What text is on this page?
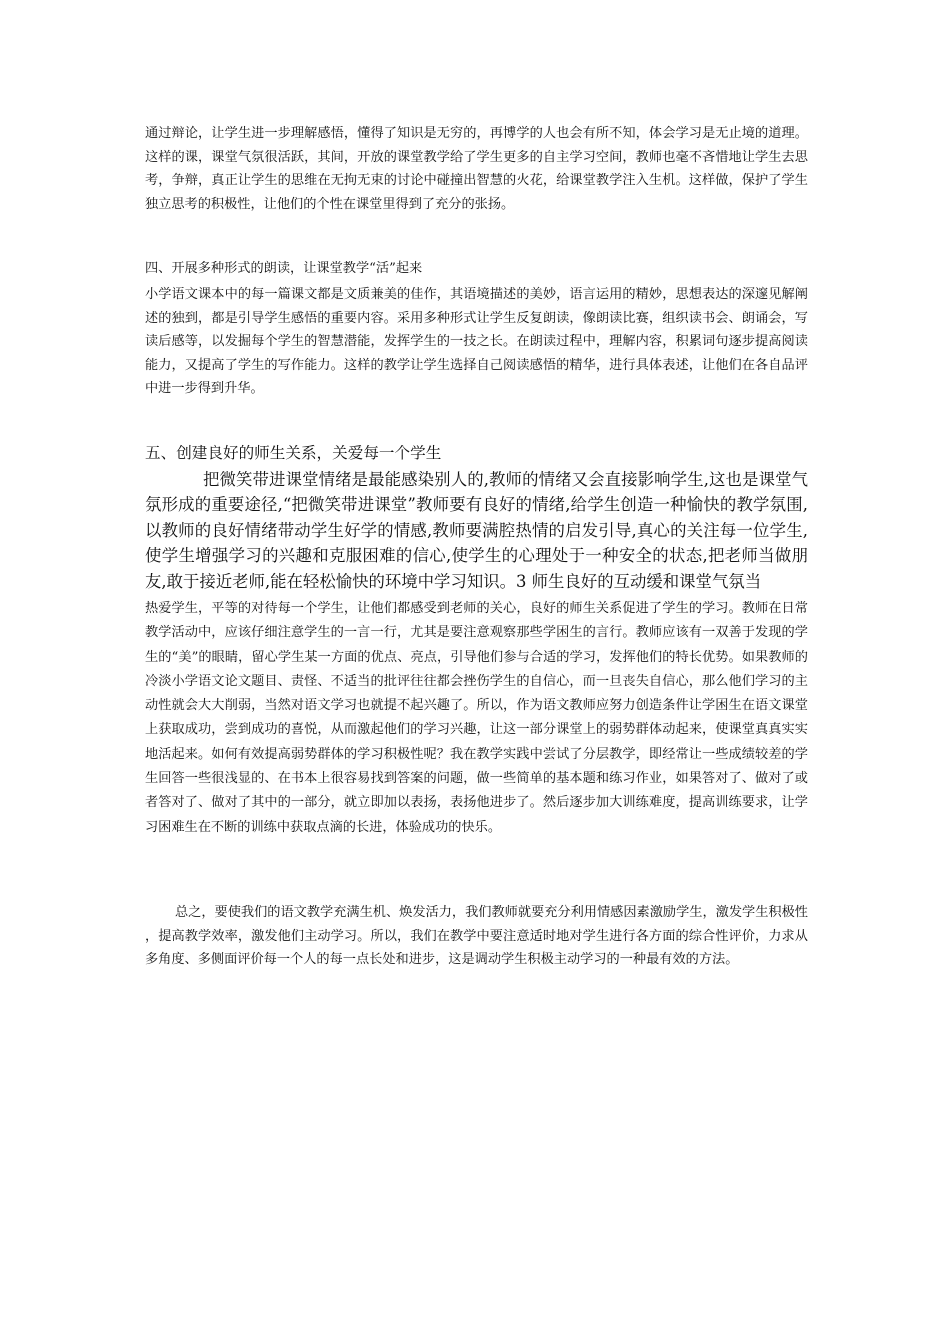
通过辩论，让学生进一步理解感悟，懂得了知识是无穷的，再博学的人也会有所不知，体会学习是无止境的道理。这样的课，课堂气氛很活跃，其间，开放的课堂教学给了学生更多的自主学习空间，教师也毫不吝惜地让学生去思考，争辩，真正让学生的思维在无拘无束的讨论中碰撞出智慧的火花，给课堂教学注入生机。这样做，保护了学生独立思考的积极性，让他们的个性在课堂里得到了充分的张扬。

四、开展多种形式的朗读，让课堂教学“活”起来

小学语文课本中的每一篇课文都是文质兼美的佳作，其语境描述的美妙，语言运用的精妙，思想表达的深邃见解阐述的独到，都是引导学生感悟的重要内容。采用多种形式让学生反复朗读，像朗读比赛，组织读书会、朗诵会，写读后感等，以发掘每个学生的智慧潜能，发挥学生的一技之长。在朗读过程中，理解内容，积累词句逐步提高阅读能力，又提高了学生的写作能力。这样的教学让学生选择自己阅读感悟的精华，进行具体表述，让他们在各自品评中进一步得到升华。

五、创建良好的师生关系，关爱每一个学生

把微笑带进课堂情绪是最能感染别人的,教师的情绪又会直接影响学生,这也是课堂气氛形成的重要途径,“把微笑带进课堂”教师要有良好的情绪,给学生创造一种愉快的教学氛围,以教师的良好情绪带动学生好学的情感,教师要满腔热情的启发引导,真心的关注每一位学生,使学生增强学习的兴趣和克服困难的信心,使学生的心理处于一种安全的状态,把老师当做朋友,敢于接近老师,能在轻松愉快的环境中学习知识。3 师生良好的互动缓和课堂气氛当

热爱学生，平等的对待每一个学生，让他们都感受到老师的关心，良好的师生关系促进了学生的学习。教师在日常教学活动中，应该仔细注意学生的一言一行，尤其是要注意观察那些学困生的言行。教师应该有一双善于发现的学生的“美”的眼睛，留心学生某一方面的优点、亮点，引导他们参与合适的学习，发挥他们的特长优势。如果教师的冷淡小学语文论文题目、责怪、不适当的批评往往都会挫伤学生的自信心，而一旦丧失自信心，那么他们学习的主动性就会大大削弱，当然对语文学习也就提不起兴趣了。所以，作为语文教师应努力创造条件让学困生在语文课堂上获取成功，尝到成功的喜悦，从而激起他们的学习兴趣，让这一部分课堂上的弱势群体动起来，使课堂真真实实地活起来。如何有效提高弱势群体的学习积极性呢？我在教学实践中尝试了分层教学，即经常让一些成绩较差的学生回答一些很浅显的、在书本上很容易找到答案的问题，做一些简单的基本题和练习作业，如果答对了、做对了或者答对了、做对了其中的一部分，就立即加以表扬，表扬他进步了。然后逐步加大训练难度，提高训练要求，让学习困难生在不断的训练中获取点滴的长进，体验成功的快乐。

总之，要使我们的语文教学充满生机、焕发活力，我们教师就要充分利用情感因素激励学生，激发学生积极性，提高教学效率，激发他们主动学习。所以，我们在教学中要注意适时地对学生进行各方面的综合性评价，力求从多角度、多侧面评价每一个人的每一点长处和进步，这是调动学生积极主动学习的一种最有效的方法。
